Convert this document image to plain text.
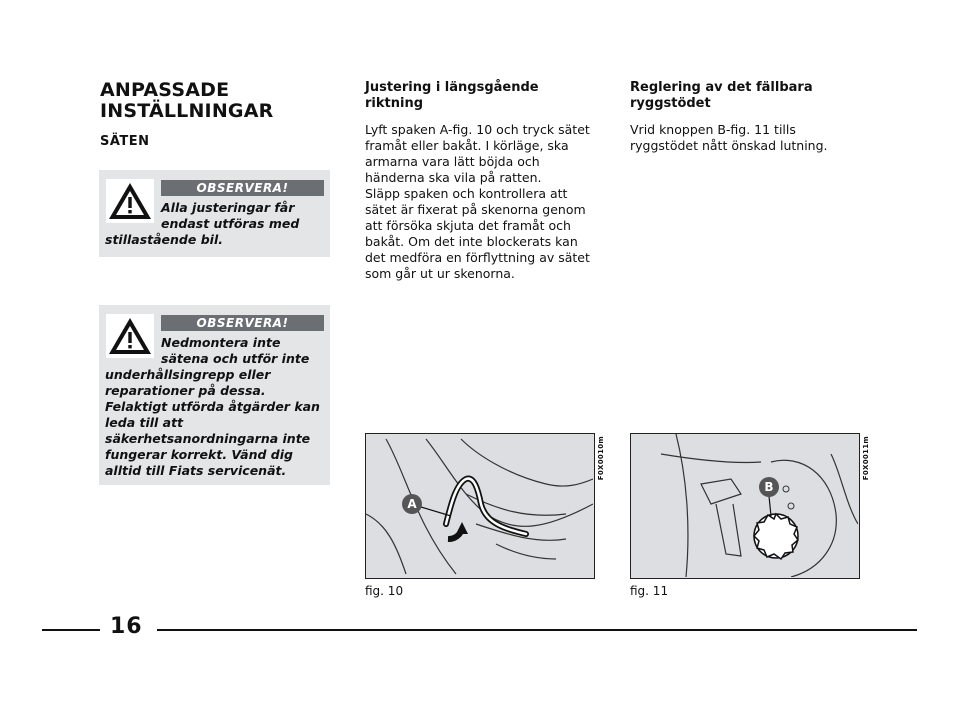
ANPASSADE
INSTÄLLNINGAR
SÄTEN
OBSERVERA!
Alla justeringar får endast utföras med
stillastående bil.
OBSERVERA!
Nedmontera inte sätena och utför inte
underhållsingrepp eller reparationer på dessa. Felaktigt utförda åtgärder kan leda till att säkerhetsanordningarna inte fungerar korrekt. Vänd dig alltid till Fiats servicenät.
Justering i längsgående riktning
Lyft spaken A-fig. 10 och tryck sätet framåt eller bakåt. I körläge, ska armarna vara lätt böjda och händerna ska vila på ratten.
Släpp spaken och kontrollera att sätet är fixerat på skenorna genom att försöka skjuta det framåt och bakåt. Om det inte blockerats kan det medföra en förflyttning av sätet som går ut ur skenorna.
Reglering av det fällbara ryggstödet
Vrid knoppen B-fig. 11 tills ryggstödet nått önskad lutning.
A
F0X0010m
fig. 10
B
F0X0011m
fig. 11
16
